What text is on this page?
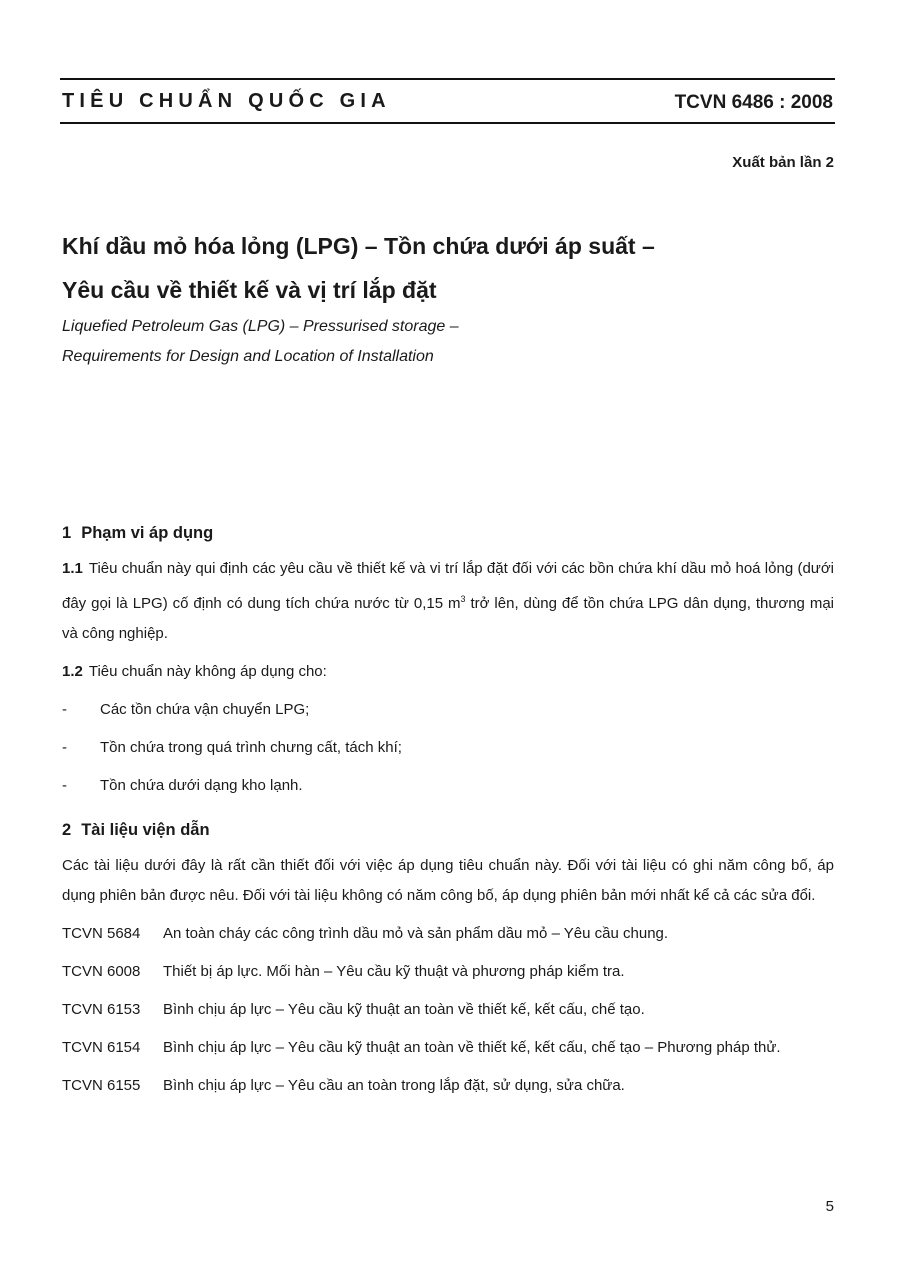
TIÊU CHUẨN QUỐC GIA	TCVN 6486 : 2008
Xuất bản lần 2
Khí dầu mỏ hóa lỏng (LPG) – Tồn chứa dưới áp suất –
Yêu cầu về thiết kế và vị trí lắp đặt
Liquefied Petroleum Gas (LPG) – Pressurised storage –
Requirements for Design and Location of Installation
1 Phạm vi áp dụng

1.1 Tiêu chuẩn này qui định các yêu cầu về thiết kế và vi trí lắp đặt đối với các bồn chứa khí dầu mỏ hoá lỏng (dưới đây gọi là LPG) cố định có dung tích chứa nước từ 0,15 $m^3$ trở lên, dùng để tồn chứa LPG dân dụng, thương mại và công nghiệp.

1.2 Tiêu chuẩn này không áp dụng cho:

- Các tồn chứa vận chuyển LPG;
- Tồn chứa trong quá trình chưng cất, tách khí;
- Tồn chứa dưới dạng kho lạnh.
2 Tài liệu viện dẫn

Các tài liệu dưới đây là rất cần thiết đối với việc áp dụng tiêu chuẩn này. Đối với tài liệu có ghi năm công bố, áp dụng phiên bản được nêu. Đối với tài liệu không có năm công bố, áp dụng phiên bản mới nhất kể cả các sửa đổi.

TCVN 5684	An toàn cháy các công trình dầu mỏ và sản phẩm dầu mỏ – Yêu cầu chung.
TCVN 6008	Thiết bị áp lực. Mối hàn – Yêu cầu kỹ thuật và phương pháp kiểm tra.
TCVN 6153	Bình chịu áp lực – Yêu cầu kỹ thuật an toàn về thiết kế, kết cấu, chế tạo.
TCVN 6154	Bình chịu áp lực – Yêu cầu kỹ thuật an toàn về thiết kế, kết cấu, chế tạo – Phương pháp thử.
TCVN 6155	Bình chịu áp lực – Yêu cầu an toàn trong lắp đặt, sử dụng, sửa chữa.
5
